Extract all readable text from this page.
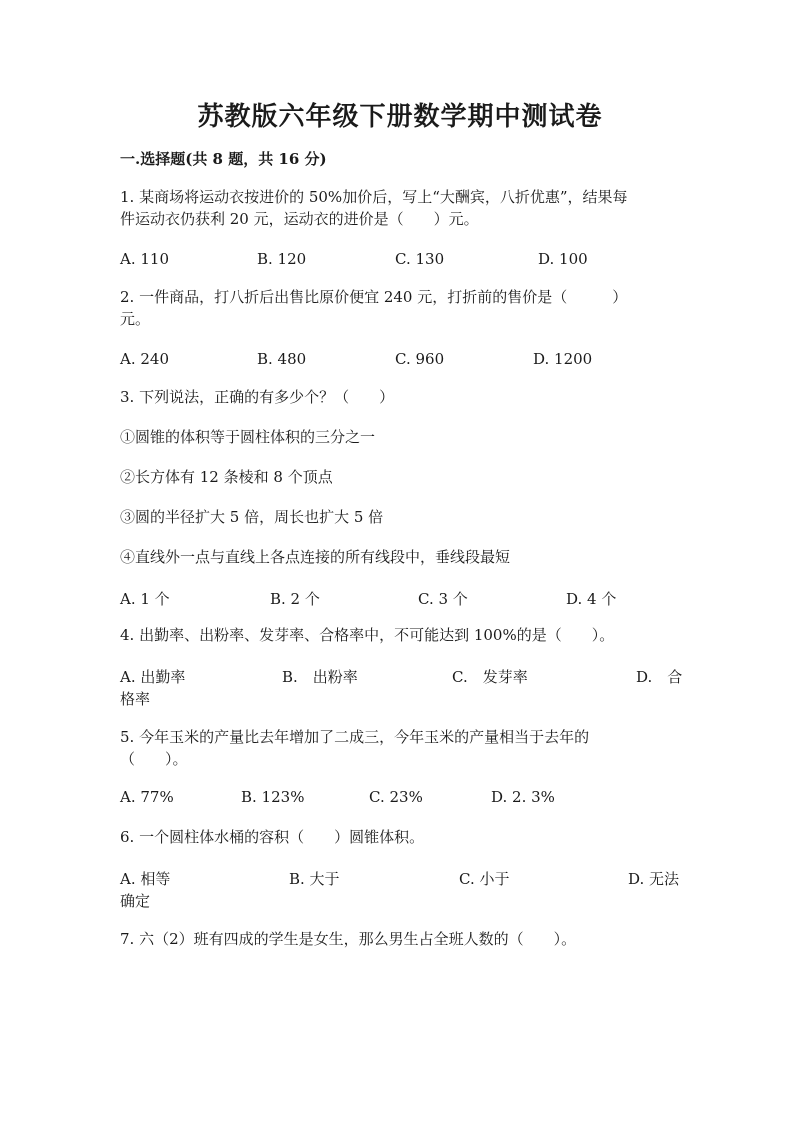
苏教版六年级下册数学期中测试卷
一.选择题(共 8 题，共 16 分)
1. 某商场将运动衣按进价的 50%加价后，写上“大酬宾，八折优惠”，结果每
件运动衣仍获利 20 元，运动衣的进价是（　　）元。
A. 110	B. 120	C. 130	D. 100
2. 一件商品，打八折后出售比原价便宜 240 元，打折前的售价是（　　　）
元。
A. 240	B. 480	C. 960	D. 1200
3. 下列说法，正确的有多少个？（　　）
①圆锥的体积等于圆柱体积的三分之一
②长方体有 12 条棱和 8 个顶点
③圆的半径扩大 5 倍，周长也扩大 5 倍
④直线外一点与直线上各点连接的所有线段中，垂线段最短
A. 1 个	B. 2 个	C. 3 个	D. 4 个
4. 出勤率、出粉率、发芽率、合格率中，不可能达到 100%的是（　　）。
A. 出勤率	B.　出粉率	C.　发芽率	D.　合
格率
5. 今年玉米的产量比去年增加了二成三，今年玉米的产量相当于去年的
（　　）。
A. 77%	B. 123%	C. 23%	D. 2. 3%
6. 一个圆柱体水桶的容积（　　）圆锥体积。
A. 相等	B. 大于	C. 小于	D. 无法
确定
7. 六（2）班有四成的学生是女生，那么男生占全班人数的（　　）。
